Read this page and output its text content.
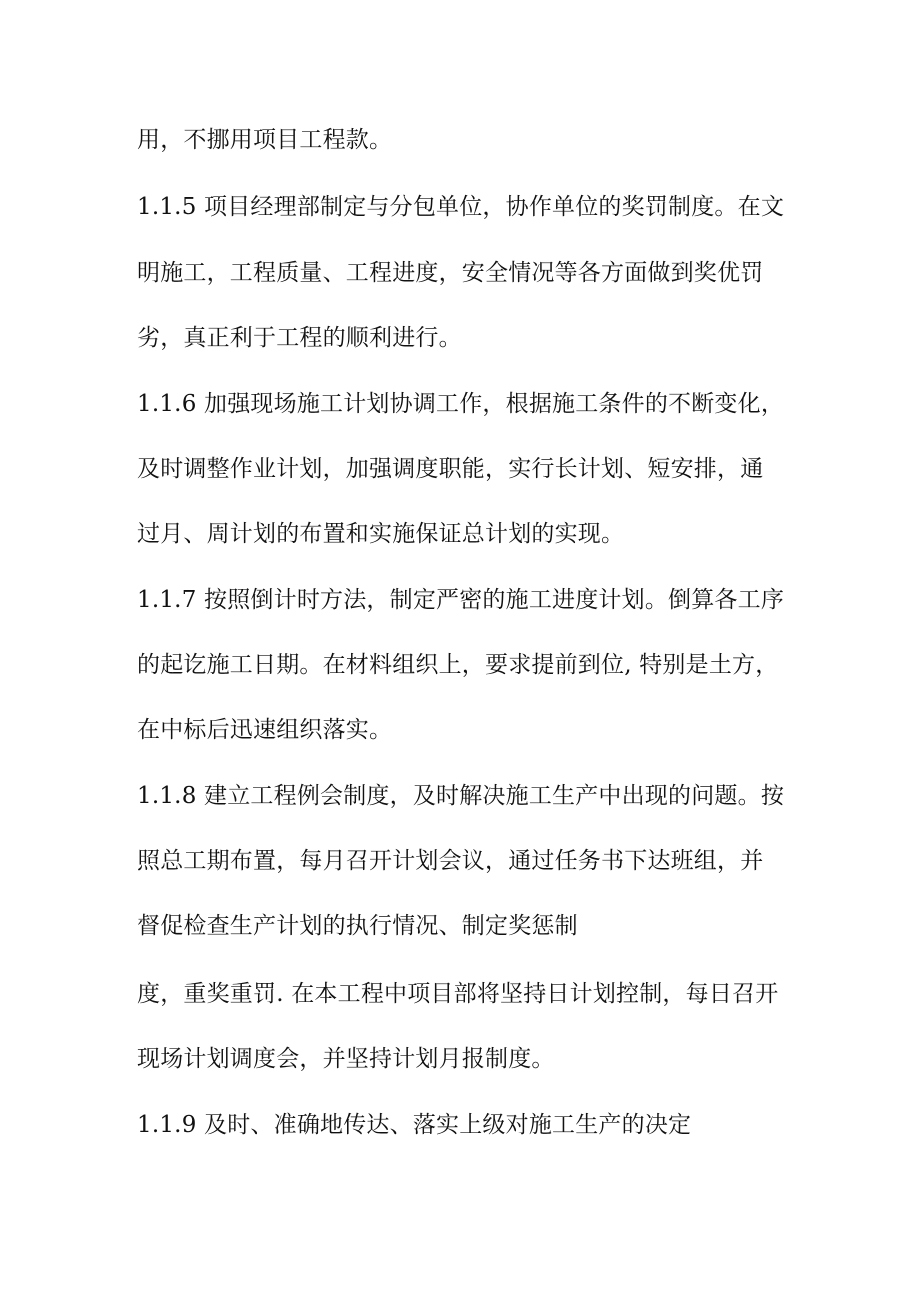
用，不挪用项目工程款。
1.1.5 项目经理部制定与分包单位，协作单位的奖罚制度。在文
明施工，工程质量、工程进度，安全情况等各方面做到奖优罚
劣，真正利于工程的顺利进行。
1.1.6 加强现场施工计划协调工作，根据施工条件的不断变化，
及时调整作业计划，加强调度职能，实行长计划、短安排，通
过月、周计划的布置和实施保证总计划的实现。
1.1.7 按照倒计时方法，制定严密的施工进度计划。倒算各工序
的起讫施工日期。在材料组织上，要求提前到位, 特别是土方，
在中标后迅速组织落实。
1.1.8 建立工程例会制度，及时解决施工生产中出现的问题。按
照总工期布置，每月召开计划会议，通过任务书下达班组，并
督促检查生产计划的执行情况、制定奖惩制
度，重奖重罚. 在本工程中项目部将坚持日计划控制，每日召开
现场计划调度会，并坚持计划月报制度。
1.1.9 及时、准确地传达、落实上级对施工生产的决定
